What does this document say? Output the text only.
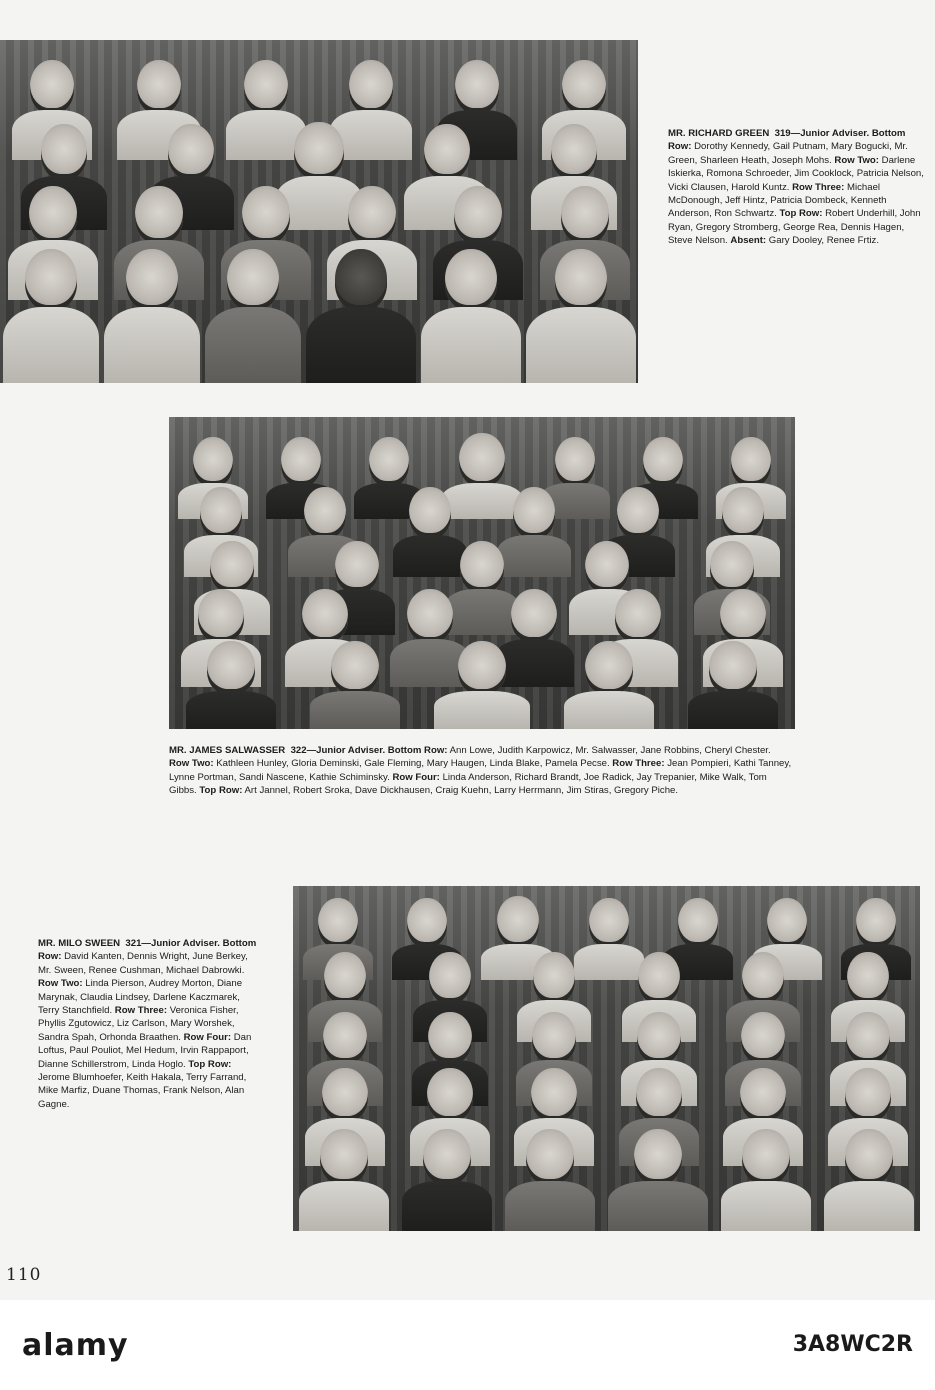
MR. RICHARD GREEN 319—Junior Adviser. Bottom Row: Dorothy Kennedy, Gail Putnam, Mary Bogucki, Mr. Green, Sharleen Heath, Joseph Mohs. Row Two: Darlene Iskierka, Romona Schroeder, Jim Cooklock, Patricia Nelson, Vicki Clausen, Harold Kuntz. Row Three: Michael McDonough, Jeff Hintz, Patricia Dombeck, Kenneth Anderson, Ron Schwartz. Top Row: Robert Underhill, John Ryan, Gregory Stromberg, George Rea, Dennis Hagen, Steve Nelson. Absent: Gary Dooley, Renee Frtiz.
MR. JAMES SALWASSER 322—Junior Adviser. Bottom Row: Ann Lowe, Judith Karpowicz, Mr. Salwasser, Jane Robbins, Cheryl Chester. Row Two: Kathleen Hunley, Gloria Deminski, Gale Fleming, Mary Haugen, Linda Blake, Pamela Pecse. Row Three: Jean Pompieri, Kathi Tanney, Lynne Portman, Sandi Nascene, Kathie Schiminsky. Row Four: Linda Anderson, Richard Brandt, Joe Radick, Jay Trepanier, Mike Walk, Tom Gibbs. Top Row: Art Jannel, Robert Sroka, Dave Dickhausen, Craig Kuehn, Larry Herrmann, Jim Stiras, Gregory Piche.
MR. MILO SWEEN 321—Junior Adviser. Bottom Row: David Kanten, Dennis Wright, June Berkey, Mr. Sween, Renee Cushman, Michael Dabrowki. Row Two: Linda Pierson, Audrey Morton, Diane Marynak, Claudia Lindsey, Darlene Kaczmarek, Terry Stanchfield. Row Three: Veronica Fisher, Phyllis Zgutowicz, Liz Carlson, Mary Worshek, Sandra Spah, Orhonda Braathen. Row Four: Dan Loftus, Paul Pouliot, Mel Hedum, Irvin Rappaport, Dianne Schillerstrom, Linda Hoglo. Top Row: Jerome Blumhoefer, Keith Hakala, Terry Farrand, Mike Marfiz, Duane Thomas, Frank Nelson, Alan Gagne.
110
alamy	3A8WC2R
